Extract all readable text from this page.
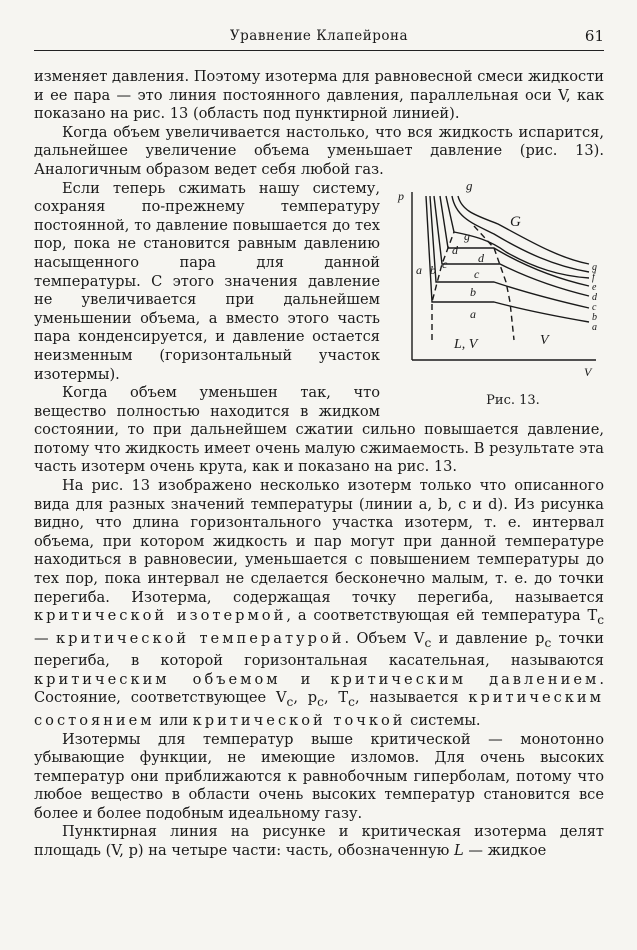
Уравнение Клапейрона	61

изменяет давления. Поэтому изотерма для равновесной смеси жидкости и ее пара — это линия постоянного давления, параллельная оси V, как показано на рис. 13 (область под пунктирной линией).

Когда объем увеличивается настолько, что вся жидкость испарится, дальнейшее увеличение объема уменьшает давление (рис. 13). Аналогичным образом ведет себя любой газ.

p
V
G
L, V	V
g
a b c
d
g
g
f
e
d
c
b
a
a
b
c
d
Рис. 13.
Если теперь сжимать нашу систему, сохраняя по-прежнему температуру постоянной, то давление повышается до тех пор, пока не становится равным давлению насыщенного пара для данной температуры. С этого значения давление не увеличивается при дальнейшем уменьшении объема, а вместо этого часть пара конденсируется, и давление остается неизменным (горизонтальный участок изотермы).

Когда объем уменьшен так, что вещество полностью находится в жидком состоянии, то при дальнейшем сжатии сильно повышается давление, потому что жидкость имеет очень малую сжимаемость. В результате эта часть изотерм очень крута, как и показано на рис. 13.

На рис. 13 изображено несколько изотерм только что описанного вида для разных значений температуры (линии a, b, c и d). Из рисунка видно, что длина горизонтального участка изотерм, т. е. интервал объема, при котором жидкость и пар могут при данной температуре находиться в равновесии, уменьшается с повышением температуры до тех пор, пока интервал не сделается бесконечно малым, т. е. до точки перегиба. Изотерма, содержащая точку перегиба, называется критической изотермой, а соответствующая ей температура $T_c$ — критической температурой. Объем $V_c$ и давление $p_c$ точки перегиба, в которой горизонтальная касательная, называются критическим объемом и критическим давлением. Состояние, соответствующее $V_c$, $p_c$, $T_c$, называется критическим состоянием или критической точкой системы.

Изотермы для температур выше критической — монотонно убывающие функции, не имеющие изломов. Для очень высоких температур они приближаются к равнобочным гиперболам, потому что любое вещество в области очень высоких температур становится все более и более подобным идеальному газу.

Пунктирная линия на рисунке и критическая изотерма делят площадь (V, p) на четыре части: часть, обозначенную L — жидкое
